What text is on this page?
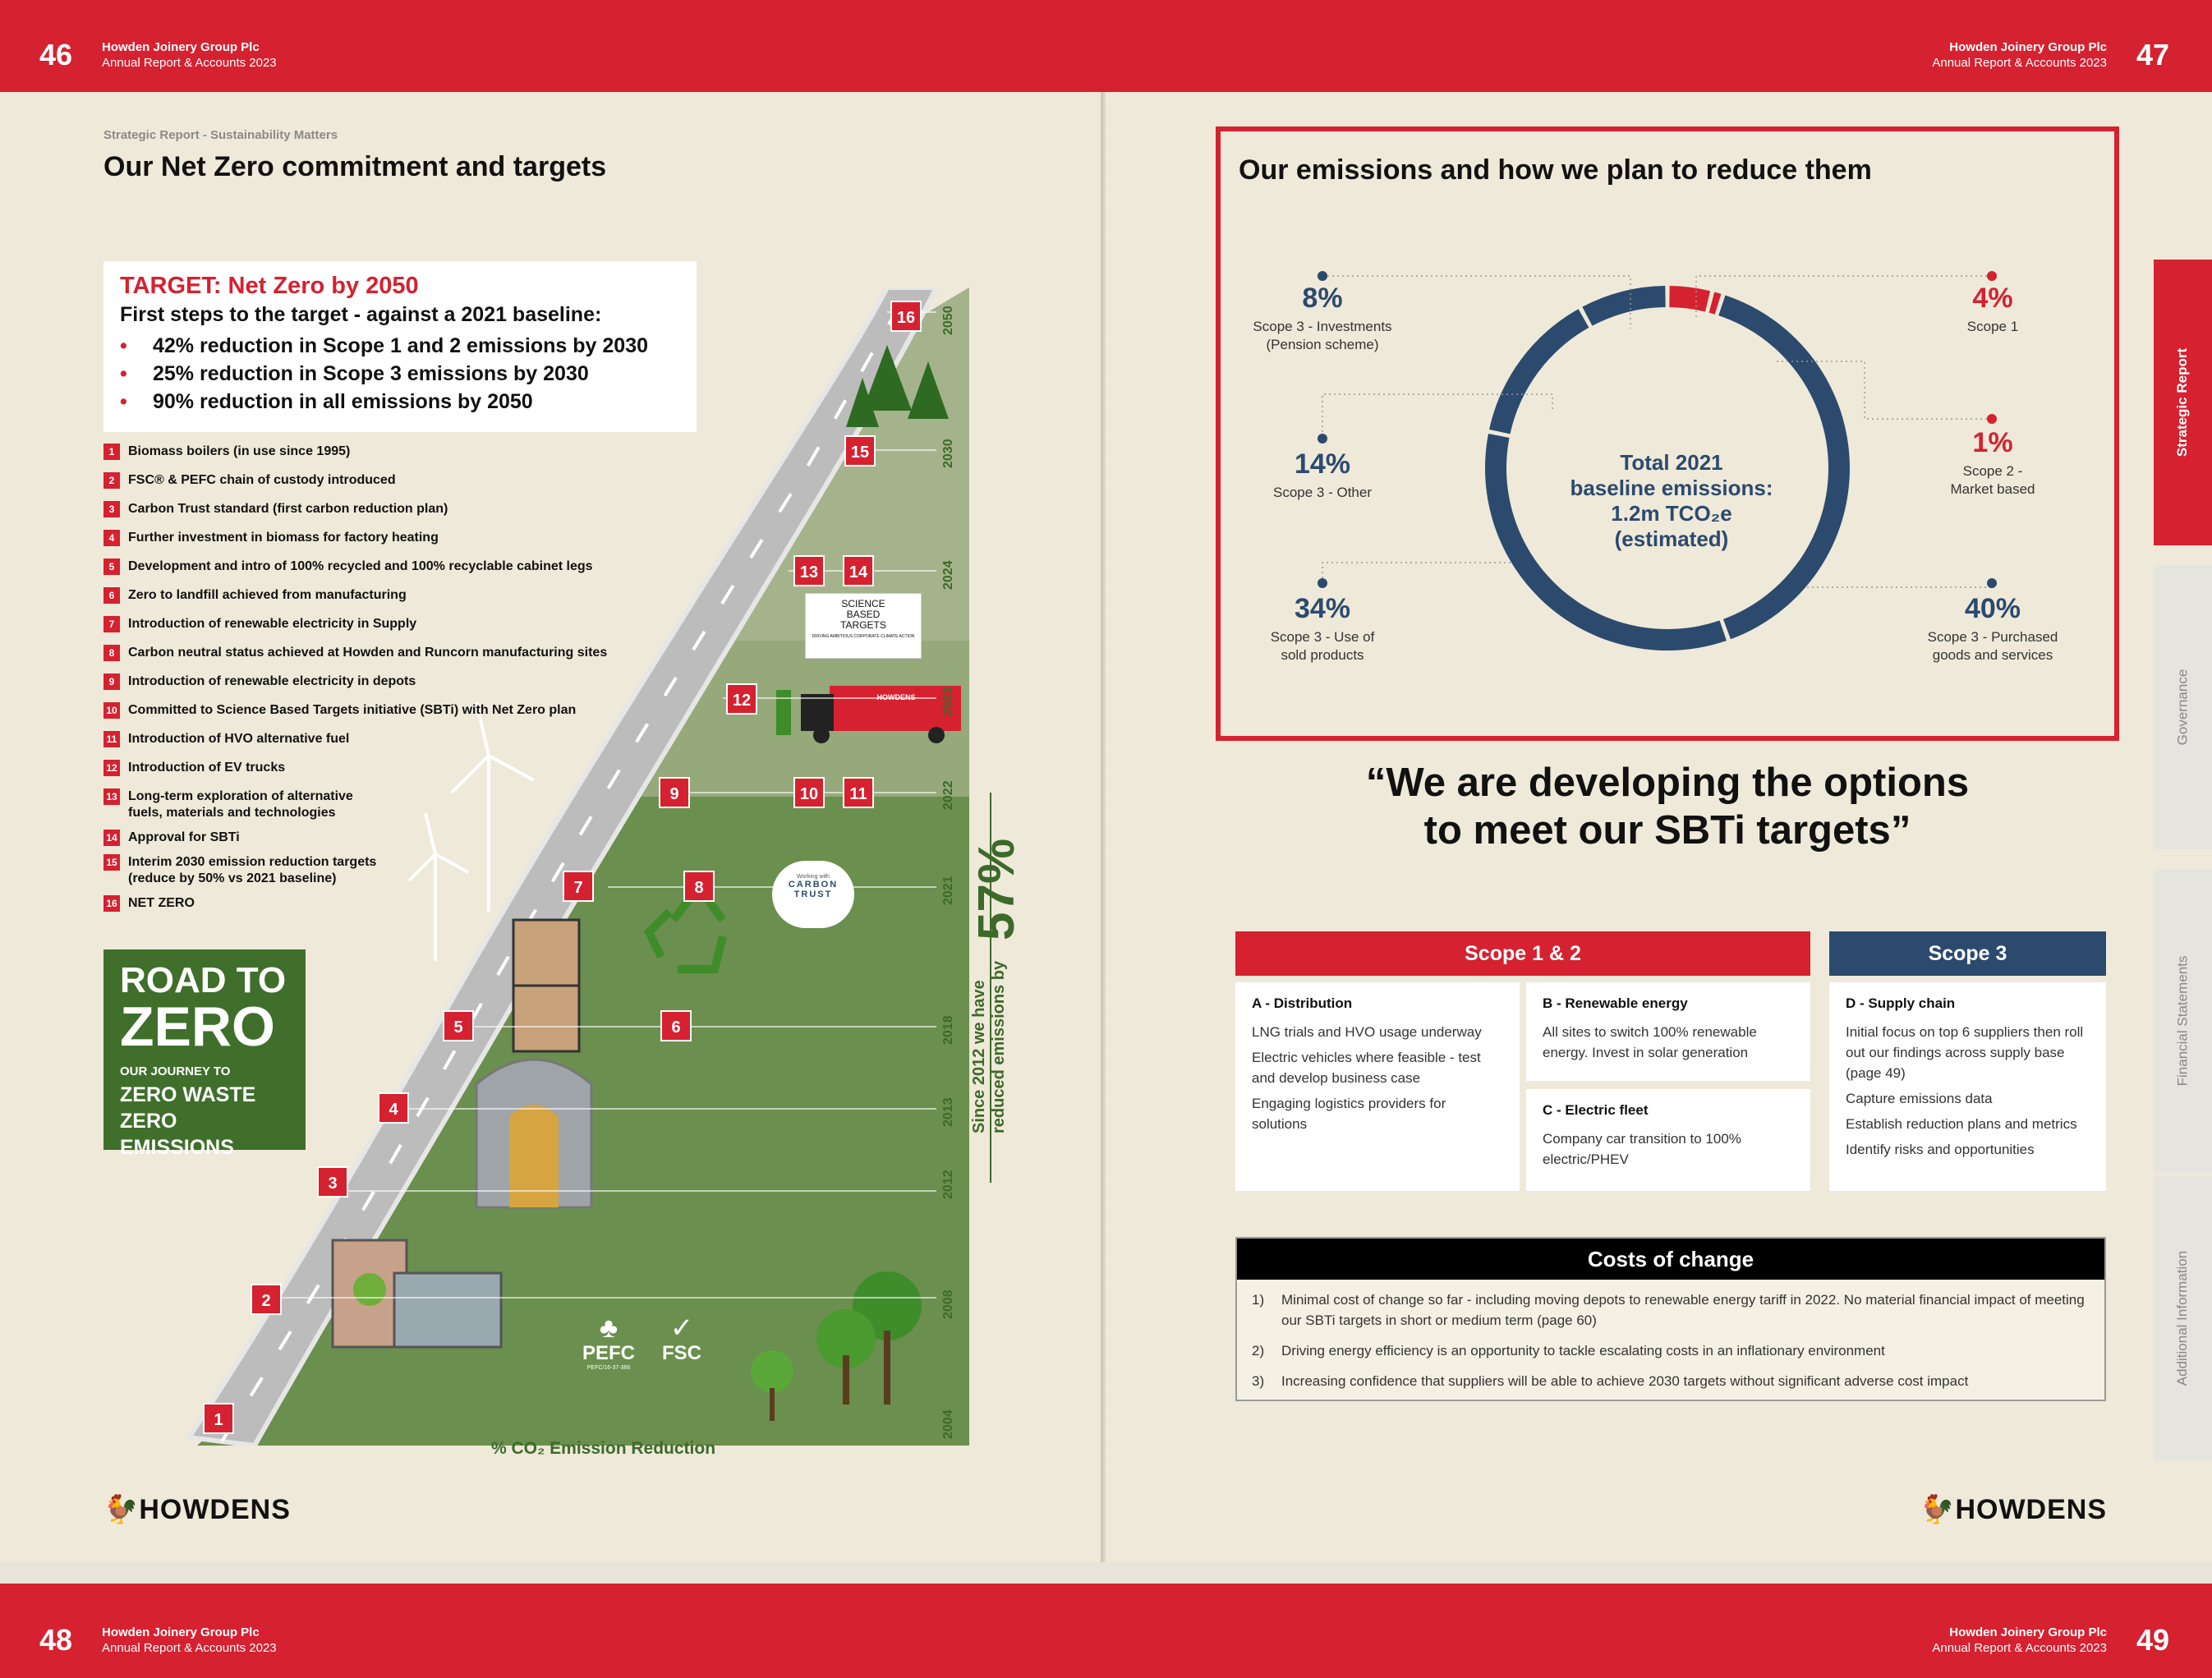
46 Howden Joinery Group Plc
Annual Report & Accounts 2023
Howden Joinery Group Plc
Annual Report & Accounts 2023 47
48 Howden Joinery Group Plc
Annual Report & Accounts 2023
Howden Joinery Group Plc
Annual Report & Accounts 2023 49
Strategic Report - Sustainability Matters
Our Net Zero commitment and targets
1
2
3
4
5	6
7	8
9	10	11
12
13	14
15
16
SCIENCE
BASED
TARGETS
DRIVING AMBITIOUS CORPORATE CLIMATE ACTION
HOWDENS
Working with
CARBON
TRUST
♣
PEFC
PEFC/16-37-366
✓
FSC
2050
2030
2024
2023
2022
2021
2018
2013
2012
2008
2004
Since 2012 we have reduced emissions by
57%
% CO₂ Emission Reduction
TARGET: Net Zero by 2050
First steps to the target - against a 2021 baseline:
• 42% reduction in Scope 1 and 2 emissions by 2030
• 25% reduction in Scope 3 emissions by 2030
• 90% reduction in all emissions by 2050
1	Biomass boilers (in use since 1995)
2	FSC® & PEFC chain of custody introduced
3	Carbon Trust standard (first carbon reduction plan)
4	Further investment in biomass for factory heating
5	Development and intro of 100% recycled and 100% recyclable cabinet legs
6	Zero to landfill achieved from manufacturing
7	Introduction of renewable electricity in Supply
8	Carbon neutral status achieved at Howden and Runcorn manufacturing sites
9	Introduction of renewable electricity in depots
10 Committed to Science Based Targets initiative (SBTi) with Net Zero plan
11 Introduction of HVO alternative fuel
12 Introduction of EV trucks
13 Long-term exploration of alternative fuels, materials and technologies
14 Approval for SBTi
15 Interim 2030 emission reduction targets (reduce by 50% vs 2021 baseline)
16 NET ZERO
ROAD TO
ZERO
OUR JOURNEY TO
ZERO WASTE
ZERO EMISSIONS
🐓HOWDENS
Our emissions and how we plan to reduce them
8%
Scope 3 - Investments
(Pension scheme)
4%
Scope 1
14%
Scope 3 - Other
1%
Scope 2 -
Market based
34%
Scope 3 - Use of
sold products
40%
Scope 3 - Purchased
goods and services
Total 2021
baseline emissions:
1.2m TCO₂e
(estimated)
“We are developing the options
to meet our SBTi targets”
Scope 1 & 2	Scope 3
A - Distribution
LNG trials and HVO usage underway
Electric vehicles where feasible - test and develop business case
Engaging logistics providers for solutions
B - Renewable energy
All sites to switch 100% renewable energy. Invest in solar generation
C - Electric fleet
Company car transition to 100% electric/PHEV
D - Supply chain
Initial focus on top 6 suppliers then roll out our findings across supply base (page 49)
Capture emissions data
Establish reduction plans and metrics
Identify risks and opportunities
Costs of change
1) Minimal cost of change so far - including moving depots to renewable energy tariff in 2022. No material financial impact of meeting our SBTi targets in short or medium term (page 60)
2) Driving energy efficiency is an opportunity to tackle escalating costs in an inflationary environment
3) Increasing confidence that suppliers will be able to achieve 2030 targets without significant adverse cost impact
🐓HOWDENS
Strategic Report
Governance
Financial Statements
Additional Information
